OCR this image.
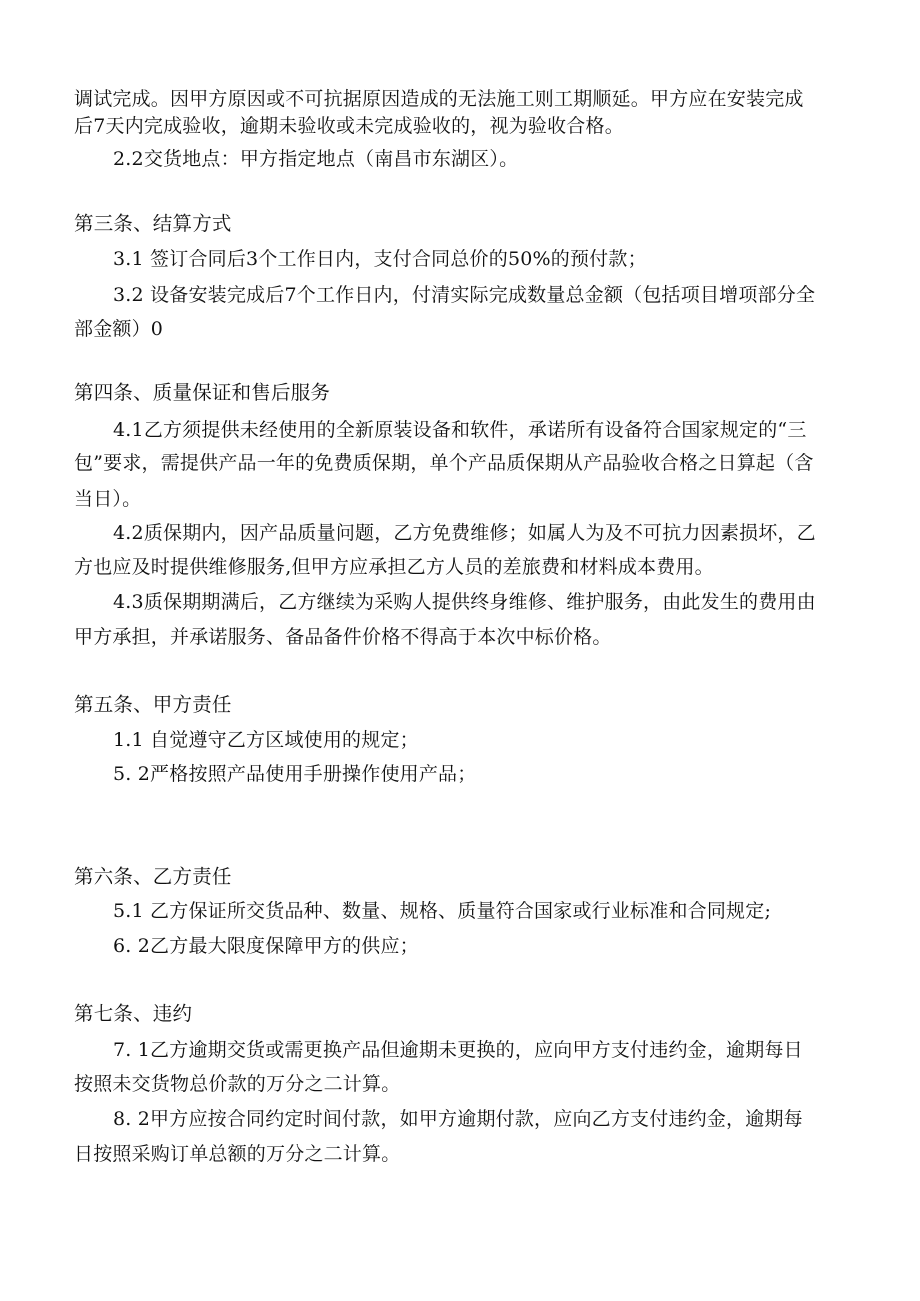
调试完成。因甲方原因或不可抗据原因造成的无法施工则工期顺延。甲方应在安装完成
后7天内完成验收，逾期未验收或未完成验收的，视为验收合格。
2.2交货地点：甲方指定地点（南昌市东湖区）。
第三条、结算方式
3.1 签订合同后3个工作日内，支付合同总价的50%的预付款；
3.2 设备安装完成后7个工作日内，付清实际完成数量总金额（包括项目增项部分全
部金额）0
第四条、质量保证和售后服务
4.1乙方须提供未经使用的全新原装设备和软件，承诺所有设备符合国家规定的“三
包”要求，需提供产品一年的免费质保期，单个产品质保期从产品验收合格之日算起（含
当日）。
4.2质保期内，因产品质量问题，乙方免费维修；如属人为及不可抗力因素损坏，乙
方也应及时提供维修服务,但甲方应承担乙方人员的差旅费和材料成本费用。
4.3质保期期满后，乙方继续为采购人提供终身维修、维护服务，由此发生的费用由
甲方承担，并承诺服务、备品备件价格不得高于本次中标价格。
第五条、甲方责任
1.1 自觉遵守乙方区域使用的规定；
5. 2严格按照产品使用手册操作使用产品；
第六条、乙方责任
5.1 乙方保证所交货品种、数量、规格、质量符合国家或行业标准和合同规定;
6. 2乙方最大限度保障甲方的供应；
第七条、违约
7. 1乙方逾期交货或需更换产品但逾期未更换的，应向甲方支付违约金，逾期每日
按照未交货物总价款的万分之二计算。
8. 2甲方应按合同约定时间付款，如甲方逾期付款，应向乙方支付违约金，逾期每
日按照采购订单总额的万分之二计算。
